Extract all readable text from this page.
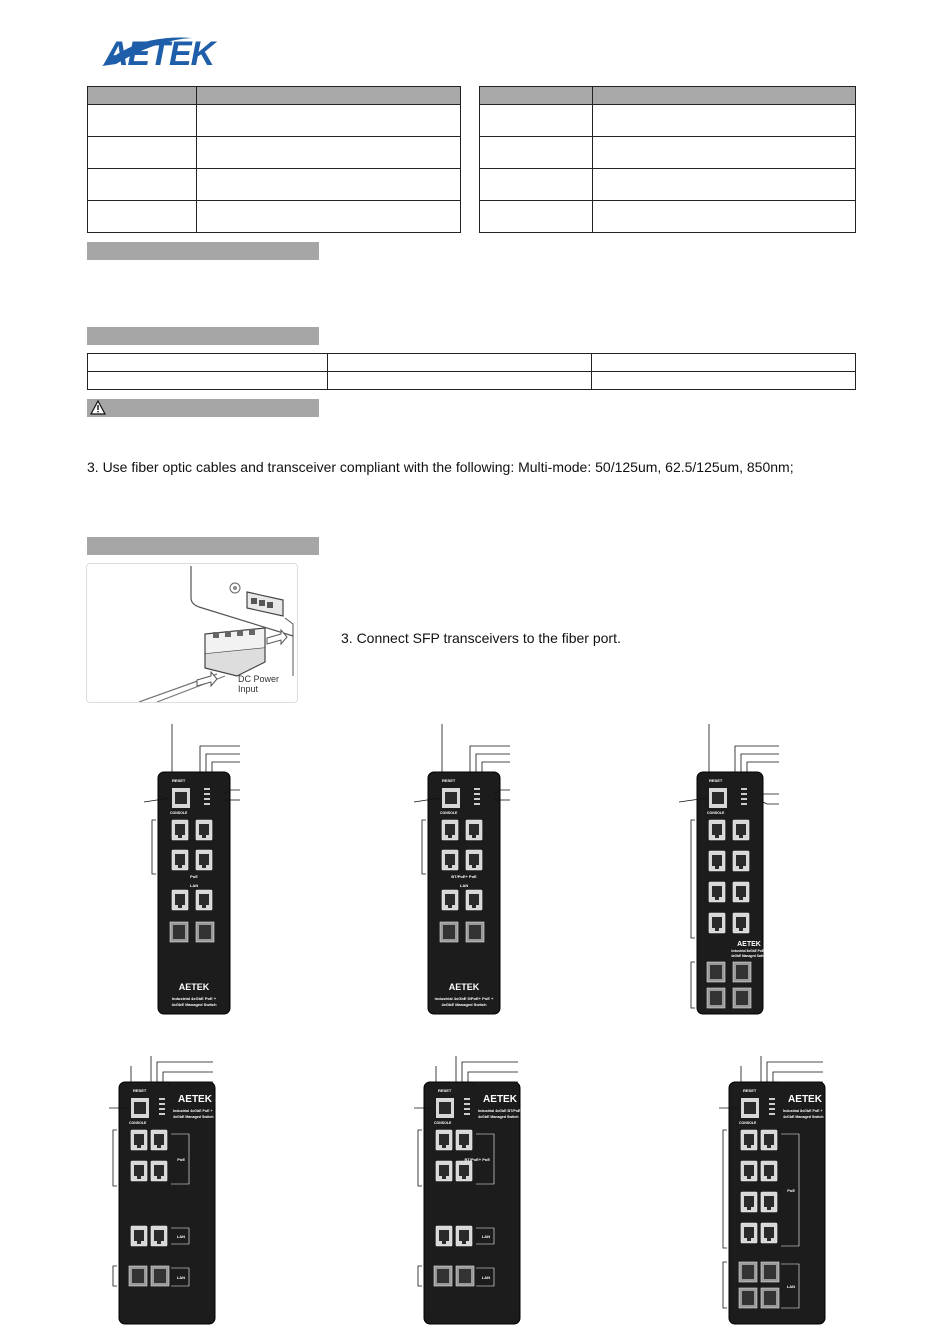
AETEK

3. Use fiber optic cables and transceiver compliant with the following: Multi-mode: 50/125um, 62.5/125um, 850nm;
DC Power Input
3. Connect SFP transceivers to the fiber port.
RESET
CONSOLE
PoE
LAN
AETEK
Industrial 4xGbE PoE +
4xGbE Managed Switch
RESET
CONSOLE
BT/PoE+ PoE
LAN
AETEK
Industrial 4xGbE 5/PoE+ PoE +
4xGbE Managed Switch
RESET
CONSOLE
AETEK
Industrial 8xGbE PoE +
4xGbE Managed Switch
RESET
AETEK
Industrial 4xGbE PoE +
4xGbE Managed Switch
CONSOLE
PoE
LAN
LAN
RESET
AETEK
Industrial 4xGbE BT/PoE+ PoE +
4xGbE Managed Switch
CONSOLE
BT/PoE+ PoE
LAN
LAN
RESET
AETEK
Industrial 8xGbE PoE +
4xGbE Managed Switch
CONSOLE
PoE
LAN
